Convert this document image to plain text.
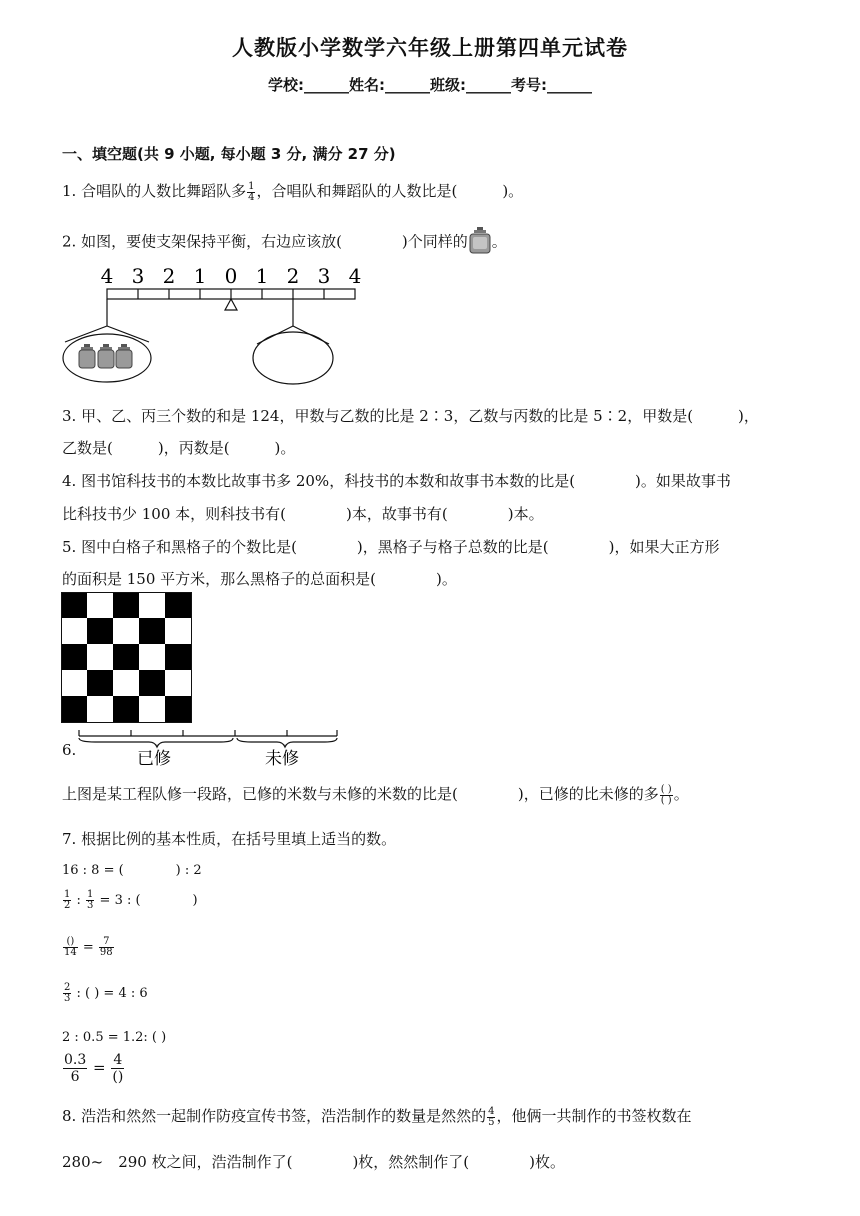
人教版小学数学六年级上册第四单元试卷
学校:______姓名:______班级:______考号:______
一、填空题(共 9 小题, 每小题 3 分, 满分 27 分)
1. 合唱队的人数比舞蹈队多 $\frac{1}{4}$ ，合唱队和舞蹈队的人数比是(　　　)。
2. 如图，要使支架保持平衡，右边应该放(　　　　)个同样的 。
4 3 2 1 0 1 2 3 4
3. 甲、乙、丙三个数的和是 124，甲数与乙数的比是 2∶3，乙数与丙数的比是 5∶2，甲数是(　　　)，
乙数是(　　　)，丙数是(　　　)。
4. 图书馆科技书的本数比故事书多 20%，科技书的本数和故事书本数的比是(　　　　)。如果故事书
比科技书少 100 本，则科技书有(　　　　)本，故事书有(　　　　)本。
5. 图中白格子和黑格子的个数比是(　　　　)，黑格子与格子总数的比是(　　　　)，如果大正方形
的面积是 150 平方米，那么黑格子的总面积是(　　　　)。
6.	已修	未修
上图是某工程队修一段路，已修的米数与未修的米数的比是(　　　　)，已修的比未修的多 $\frac{( )}{( )}$ 。
7. 根据比例的基本性质，在括号里填上适当的数。
16 : 8 = (　　　　) : 2
$\frac{1}{2}$ : $\frac{1}{3} = 3$ : (　　　　)
$\frac{()}{14} = \frac{7}{98}$
$\frac{2}{3}$ : ( ) = 4 : 6
2 : 0.5 = 1.2: ( )
$\frac{0.3}{6} = \frac{4}{()}$
8. 浩浩和然然一起制作防疫宣传书签，浩浩制作的数量是然然的 $\frac{4}{5}$ ，他俩一共制作的书签枚数在
280~　290 枚之间，浩浩制作了(　　　　)枚，然然制作了(　　　　)枚。
